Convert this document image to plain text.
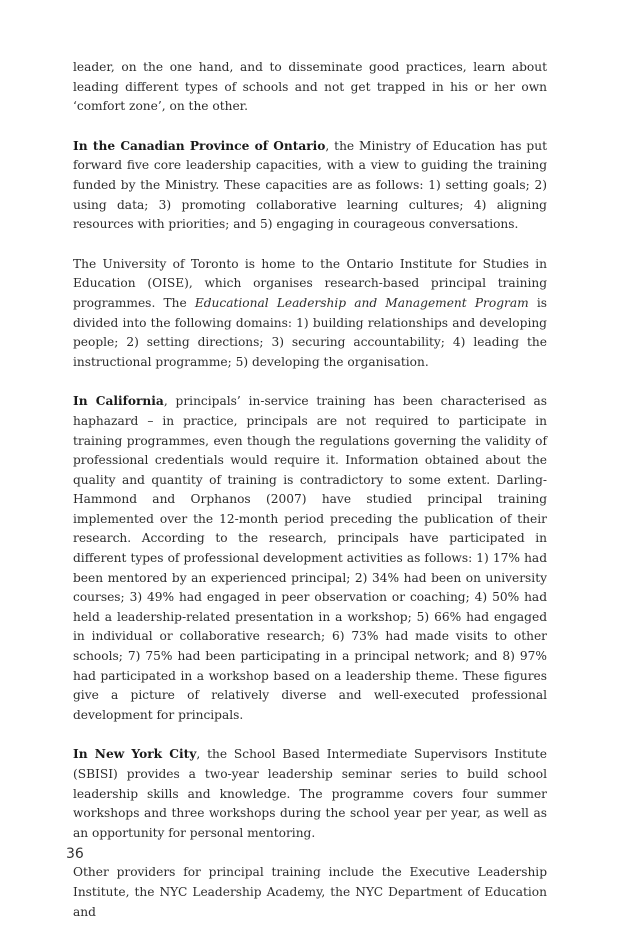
leader, on the one hand, and to disseminate good practices, learn about leading different types of schools and not get trapped in his or her own ‘comfort zone’, on the other.

In the Canadian Province of Ontario, the Ministry of Education has put forward five core leadership capacities, with a view to guiding the training funded by the Ministry. These capacities are as follows: 1) setting goals; 2) using data; 3) promoting collaborative learning cultures; 4) aligning resources with priorities; and 5) engaging in courageous conversations.

The University of Toronto is home to the Ontario Institute for Studies in Education (OISE), which organises research-based principal training programmes. The Educational Leadership and Management Program is divided into the following domains: 1) building relationships and developing people; 2) setting directions; 3) securing accountability; 4) leading the instructional programme; 5) developing the organisation.

In California, principals’ in-service training has been characterised as haphazard – in practice, principals are not required to participate in training programmes, even though the regulations governing the validity of professional credentials would require it. Information obtained about the quality and quantity of training is contradictory to some extent. Darling-Hammond and Orphanos (2007) have studied principal training implemented over the 12-month period preceding the publication of their research. According to the research, principals have participated in different types of professional development activities as follows: 1) 17% had been mentored by an experienced principal; 2) 34% had been on university courses; 3) 49% had engaged in peer observation or coaching; 4) 50% had held a leadership-related presentation in a workshop; 5) 66% had engaged in individual or collaborative research; 6) 73% had made visits to other schools; 7) 75% had been participating in a principal network; and 8) 97% had participated in a workshop based on a leadership theme. These figures give a picture of relatively diverse and well-executed professional development for principals.

In New York City, the School Based Intermediate Supervisors Institute (SBISI) provides a two-year leadership seminar series to build school leadership skills and knowledge. The programme covers four summer workshops and three workshops during the school year per year, as well as an opportunity for personal mentoring.

Other providers for principal training include the Executive Leadership Institute, the NYC Leadership Academy, the NYC Department of Education and

36
